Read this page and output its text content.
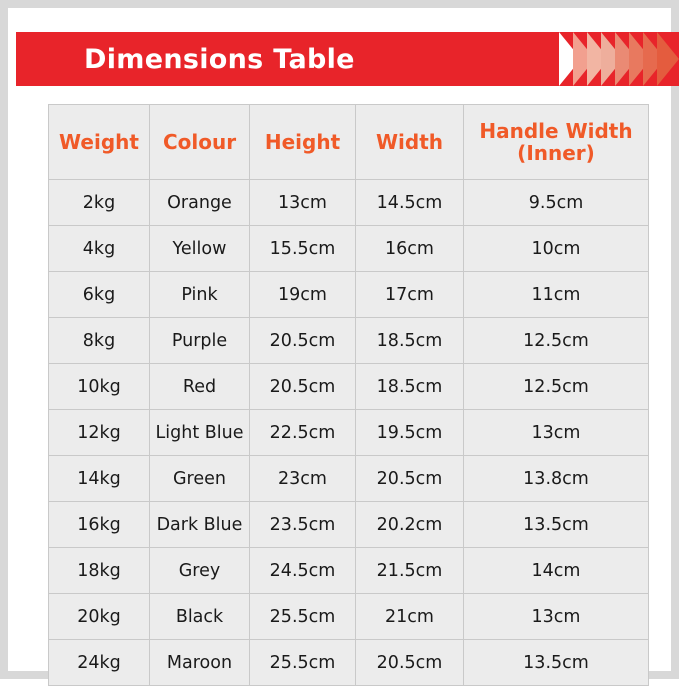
Dimensions Table
Weight	Colour	Height	Width	Handle Width
(Inner)

2kg	Orange	13cm	14.5cm	9.5cm
4kg	Yellow	15.5cm	16cm	10cm
6kg	Pink	19cm	17cm	11cm
8kg	Purple	20.5cm	18.5cm	12.5cm
10kg	Red	20.5cm	18.5cm	12.5cm
12kg	Light Blue	22.5cm	19.5cm	13cm
14kg	Green	23cm	20.5cm	13.8cm
16kg	Dark Blue	23.5cm	20.2cm	13.5cm
18kg	Grey	24.5cm	21.5cm	14cm
20kg	Black	25.5cm	21cm	13cm
24kg	Maroon	25.5cm	20.5cm	13.5cm
